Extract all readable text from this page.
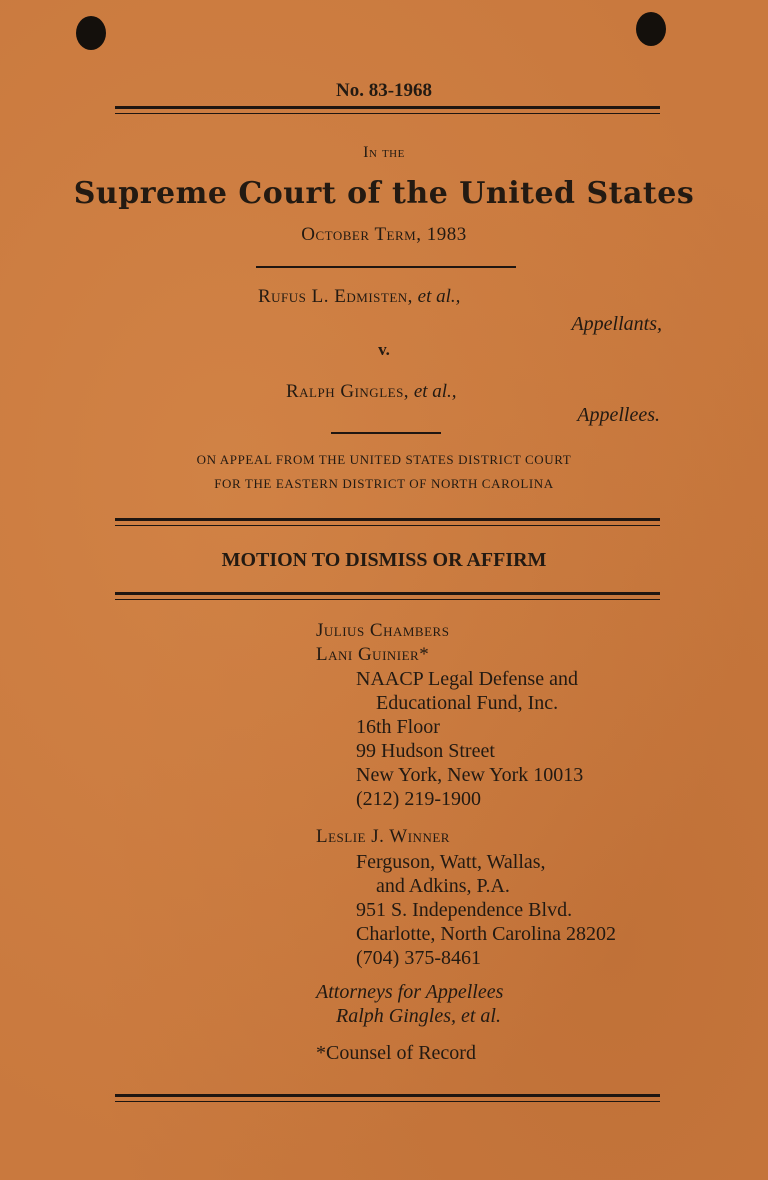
No. 83-1968
In the
Supreme Court of the United States
October Term, 1983
Rufus L. Edmisten, et al.,
Appellants,
v.
Ralph Gingles, et al.,
Appellees.
ON APPEAL FROM THE UNITED STATES DISTRICT COURT
FOR THE EASTERN DISTRICT OF NORTH CAROLINA
MOTION TO DISMISS OR AFFIRM
Julius Chambers
Lani Guinier*
NAACP Legal Defense and
Educational Fund, Inc.
16th Floor
99 Hudson Street
New York, New York 10013
(212) 219-1900
Leslie J. Winner
Ferguson, Watt, Wallas,
and Adkins, P.A.
951 S. Independence Blvd.
Charlotte, North Carolina 28202
(704) 375-8461
Attorneys for Appellees
Ralph Gingles, et al.
*Counsel of Record
